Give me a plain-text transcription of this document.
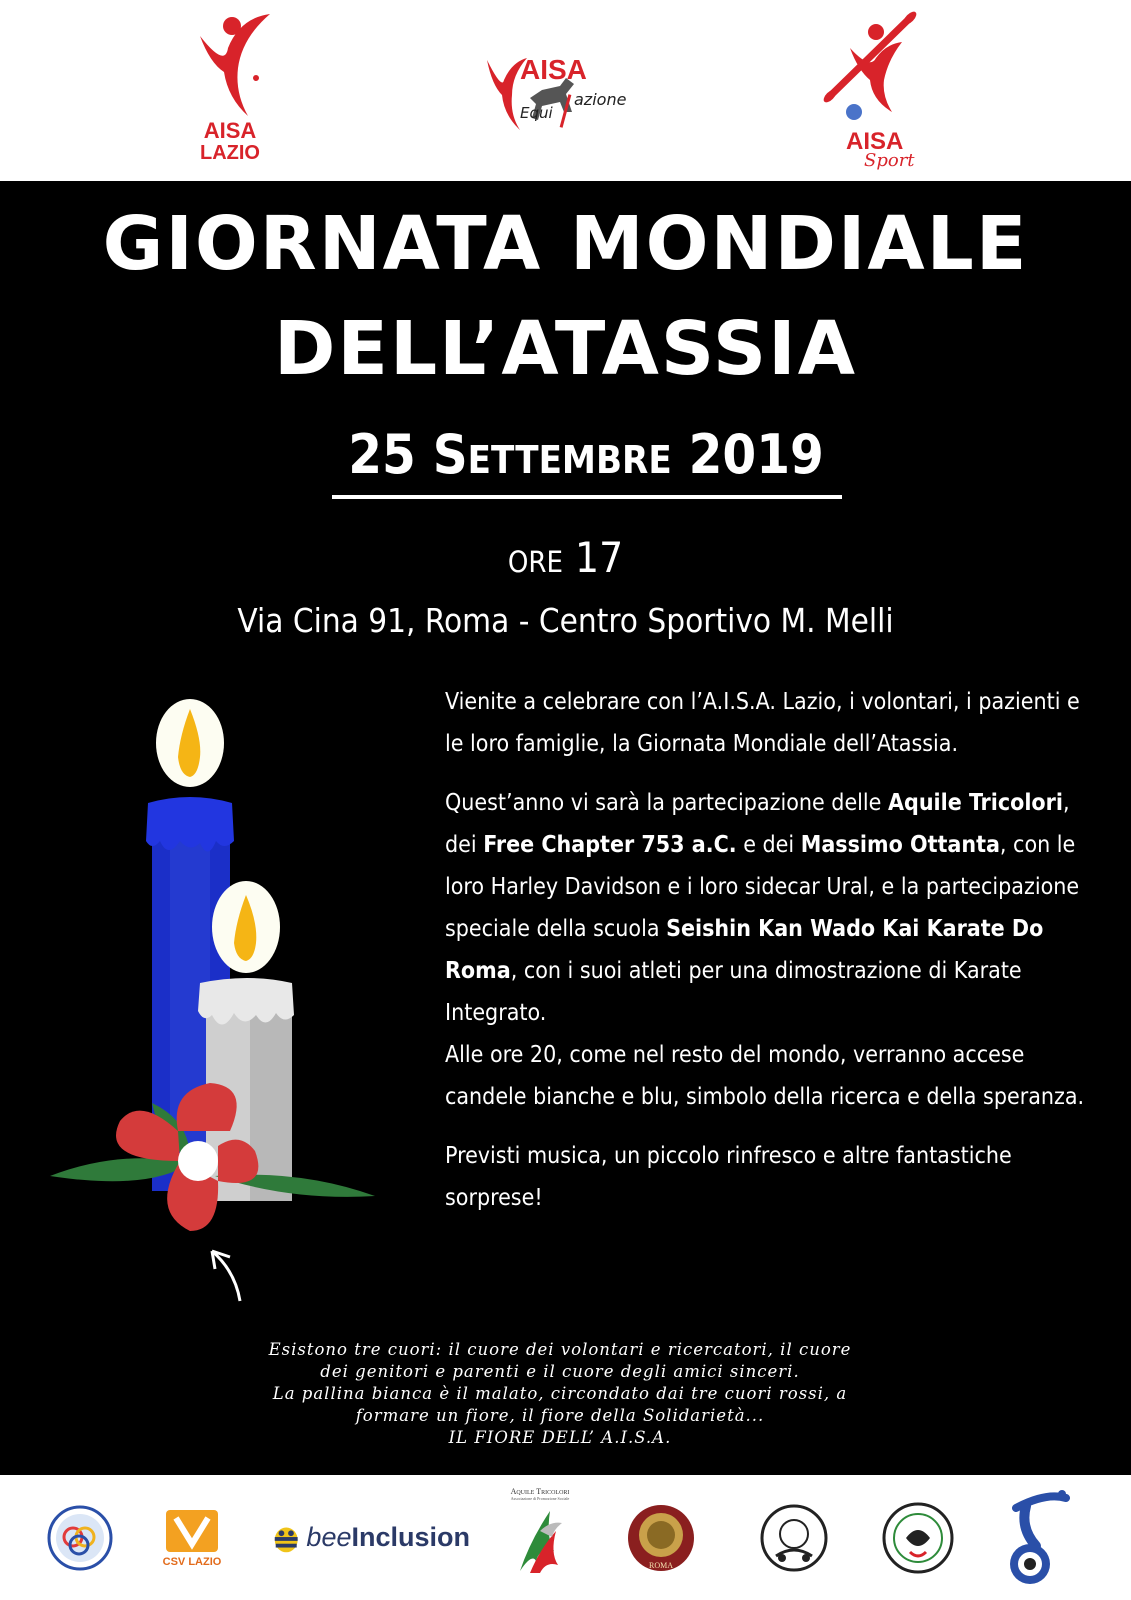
AISA
LAZIO
AISA
Equi
azione
AISA
Sport
GIORNATA MONDIALE
DELL’ATASSIA
25 Settembre 2019
ore 17
Via Cina 91, Roma - Centro Sportivo M. Melli

Vienite a celebrare con l’A.I.S.A. Lazio, i volontari, i pazienti e le loro famiglie, la Giornata Mondiale dell’Atassia.

Quest’anno vi sarà la partecipazione delle Aquile Tricolori, dei Free Chapter 753 a.C. e dei Massimo Ottanta, con le loro Harley Davidson e i loro sidecar Ural, e la partecipazione speciale della scuola Seishin Kan Wado Kai Karate Do Roma, con i suoi atleti per una dimostrazione di Karate Integrato.
Alle ore 20, come nel resto del mondo, verranno accese candele bianche e blu, simbolo della ricerca e della speranza.

Previsti musica, un piccolo rinfresco e altre fantastiche sorprese!

Esistono tre cuori: il cuore dei volontari e ricercatori, il cuore
dei genitori e parenti e il cuore degli amici sinceri.
La pallina bianca è il malato, circondato dai tre cuori rossi, a
formare un fiore, il fiore della Solidarietà...
IL FIORE DELL’ A.I.S.A.
CSV LAZIO
bee Inclusion
Aquile Tricolori
Associazione di Promozione Sociale
ROMA
